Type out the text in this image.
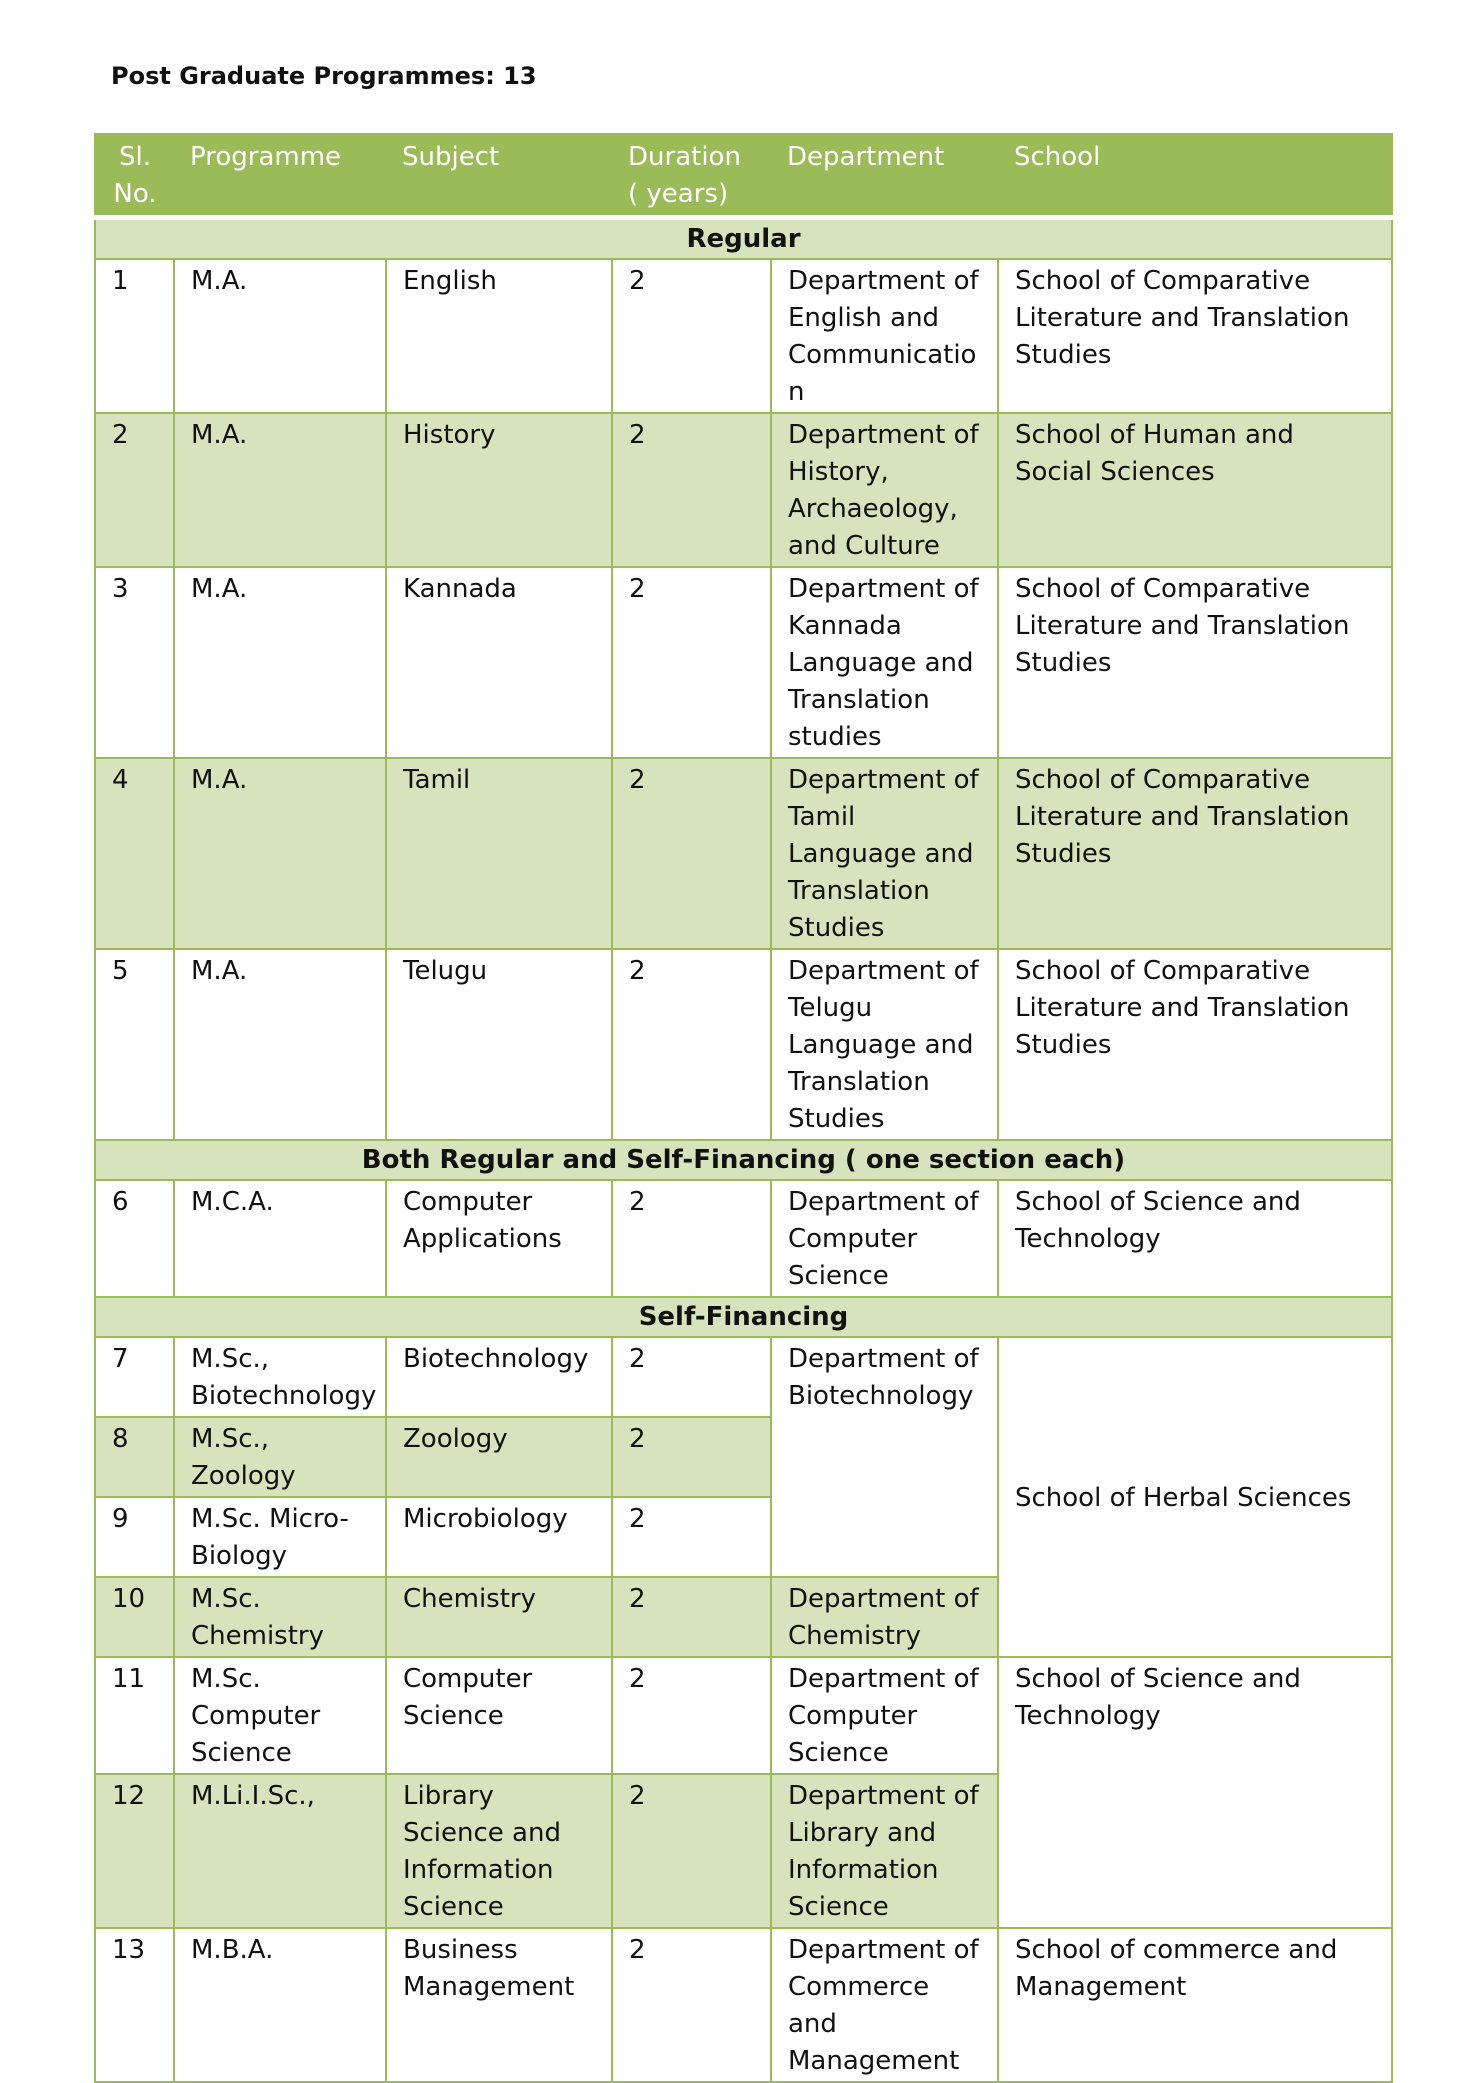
Post Graduate Programmes: 13
Sl. No.	Programme	Subject	Duration ( years)	Department	School
Regular					
1	M.A.	English	2	Department of English and Communicatio n	School of Comparative Literature and Translation Studies
2	M.A.	History	2	Department of History, Archaeology, and Culture	School of Human and Social Sciences
3	M.A.	Kannada	2	Department of Kannada Language and Translation studies	School of Comparative Literature and Translation Studies
4	M.A.	Tamil	2	Department of Tamil Language and Translation Studies	School of Comparative Literature and Translation Studies
5	M.A.	Telugu	2	Department of Telugu Language and Translation Studies	School of Comparative Literature and Translation Studies
Both Regular and Self-Financing ( one section each)					
6	M.C.A.	Computer Applications	2	Department of Computer Science	School of Science and Technology
Self-Financing					
7	M.Sc., Biotechnology	Biotechnology	2	Department of Biotechnology	School of Herbal Sciences
8	M.Sc., Zoology	Zoology	2		
9	M.Sc. Micro-Biology	Microbiology	2		
10	M.Sc. Chemistry	Chemistry	2	Department of Chemistry	
11	M.Sc. Computer Science	Computer Science	2	Department of Computer Science	School of Science and Technology
12	M.Li.I.Sc.,	Library Science and Information Science	2	Department of Library and Information Science	
13	M.B.A.	Business Management	2	Department of Commerce and Management	School of commerce and Management
